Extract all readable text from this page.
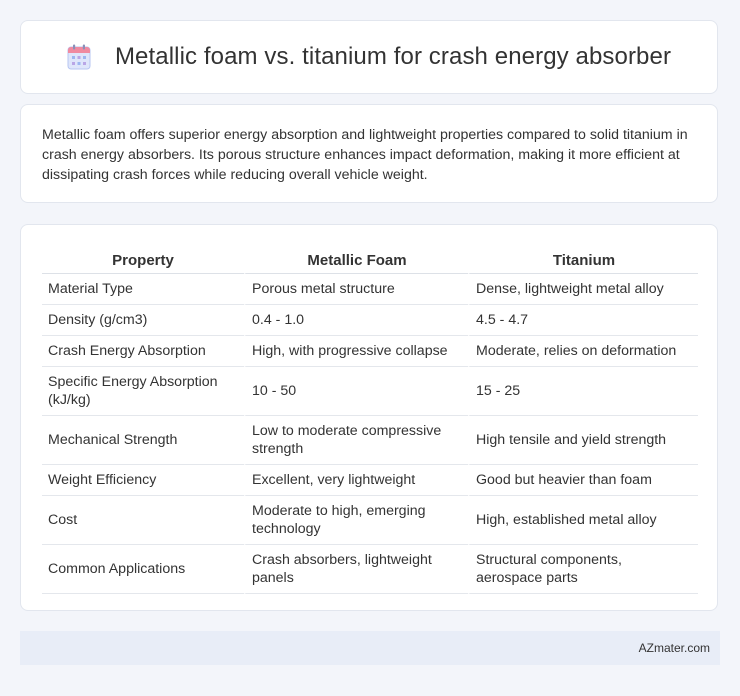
Metallic foam vs. titanium for crash energy absorber

Metallic foam offers superior energy absorption and lightweight properties compared to solid titanium in crash energy absorbers. Its porous structure enhances impact deformation, making it more efficient at dissipating crash forces while reducing overall vehicle weight.

Property	Metallic Foam	Titanium
Material Type	Porous metal structure	Dense, lightweight metal alloy
Density (g/cm3)	0.4 - 1.0	4.5 - 4.7
Crash Energy Absorption	High, with progressive collapse	Moderate, relies on deformation
Specific Energy Absorption (kJ/kg)	10 - 50	15 - 25
Mechanical Strength	Low to moderate compressive strength	High tensile and yield strength
Weight Efficiency	Excellent, very lightweight	Good but heavier than foam
Cost	Moderate to high, emerging technology	High, established metal alloy
Common Applications	Crash absorbers, lightweight panels	Structural components, aerospace parts
AZmater.com
